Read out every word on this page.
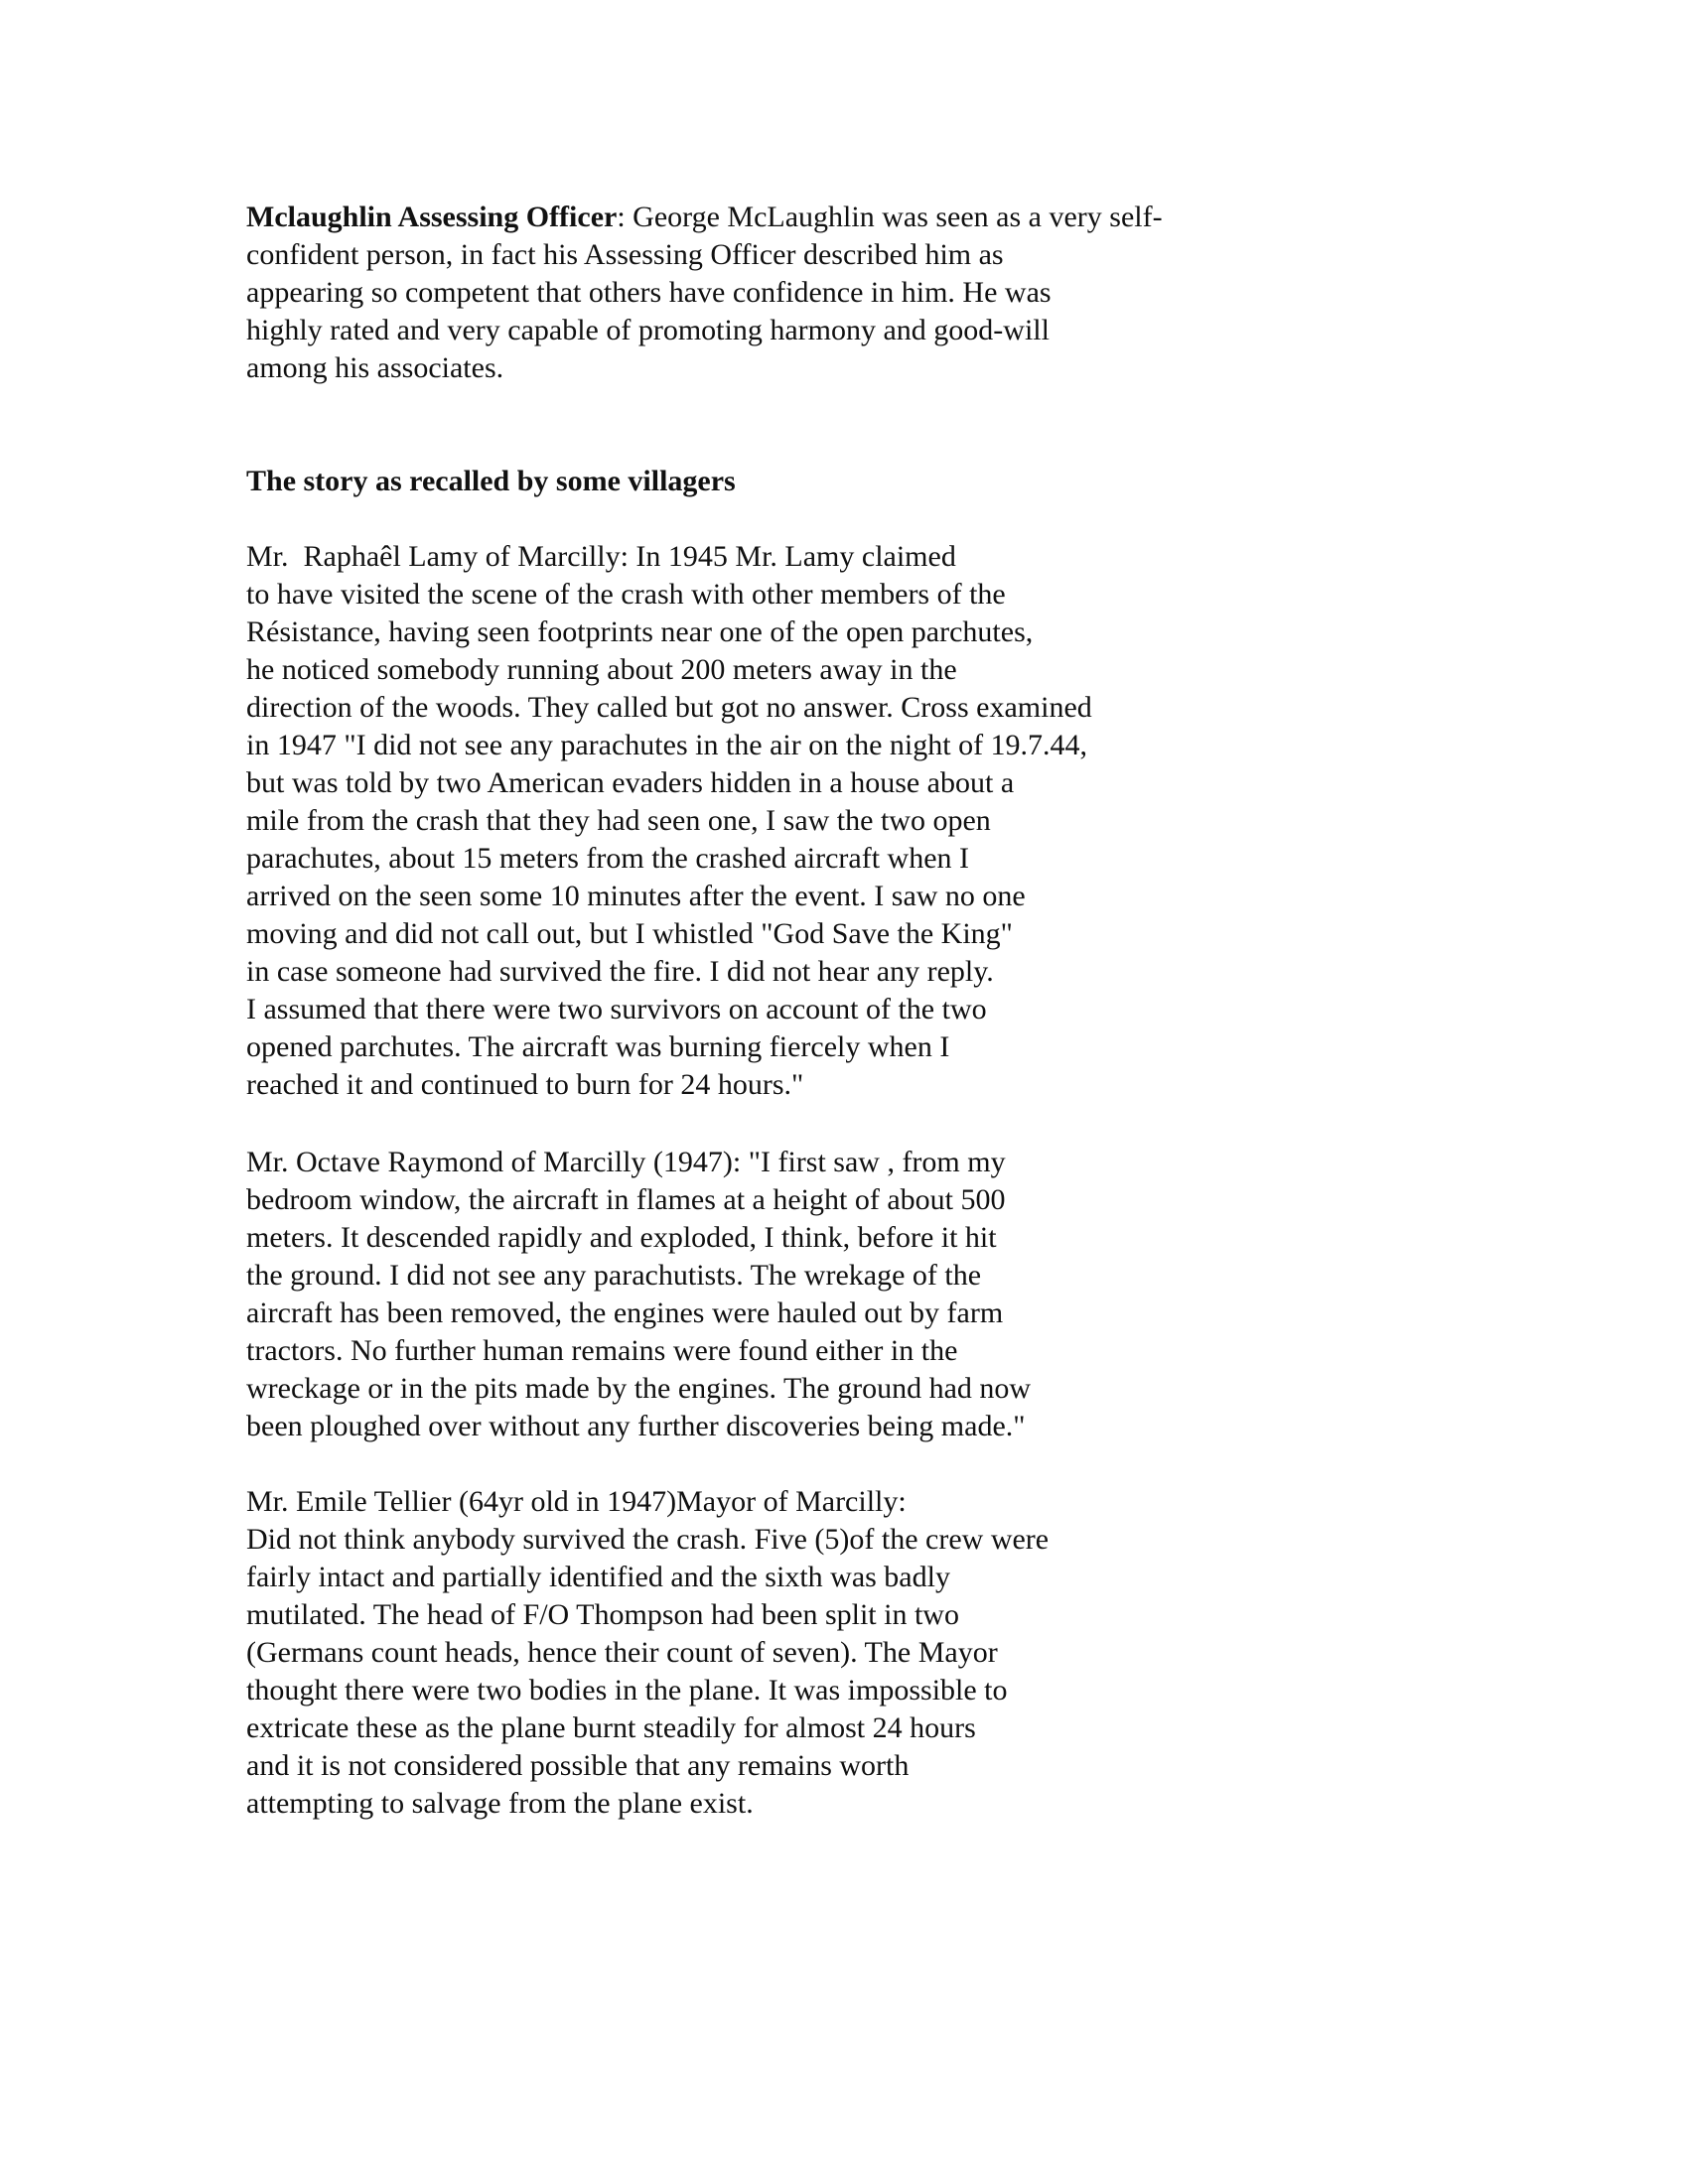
Mclaughlin Assessing Officer: George McLaughlin was seen as a very self-
confident person, in fact his Assessing Officer described him as
appearing so competent that others have confidence in him. He was
highly rated and very capable of promoting harmony and good-will
among his associates.
The story as recalled by some villagers
Mr.  Raphaêl Lamy of Marcilly: In 1945 Mr. Lamy claimed
to have visited the scene of the crash with other members of the
Résistance, having seen footprints near one of the open parchutes,
he noticed somebody running about 200 meters away in the
direction of the woods. They called but got no answer. Cross examined
in 1947 "I did not see any parachutes in the air on the night of 19.7.44,
but was told by two American evaders hidden in a house about a
mile from the crash that they had seen one, I saw the two open
parachutes, about 15 meters from the crashed aircraft when I
arrived on the seen some 10 minutes after the event. I saw no one
moving and did not call out, but I whistled "God Save the King"
in case someone had survived the fire. I did not hear any reply.
I assumed that there were two survivors on account of the two
opened parchutes. The aircraft was burning fiercely when I
reached it and continued to burn for 24 hours."
Mr. Octave Raymond of Marcilly (1947): "I first saw , from my
bedroom window, the aircraft in flames at a height of about 500
meters. It descended rapidly and exploded, I think, before it hit
the ground. I did not see any parachutists. The wrekage of the
aircraft has been removed, the engines were hauled out by farm
tractors. No further human remains were found either in the
wreckage or in the pits made by the engines. The ground had now
been ploughed over without any further discoveries being made."
Mr. Emile Tellier (64yr old in 1947)Mayor of Marcilly:
Did not think anybody survived the crash. Five (5)of the crew were
fairly intact and partially identified and the sixth was badly
mutilated. The head of F/O Thompson had been split in two
(Germans count heads, hence their count of seven). The Mayor
thought there were two bodies in the plane. It was impossible to
extricate these as the plane burnt steadily for almost 24 hours
and it is not considered possible that any remains worth
attempting to salvage from the plane exist.
